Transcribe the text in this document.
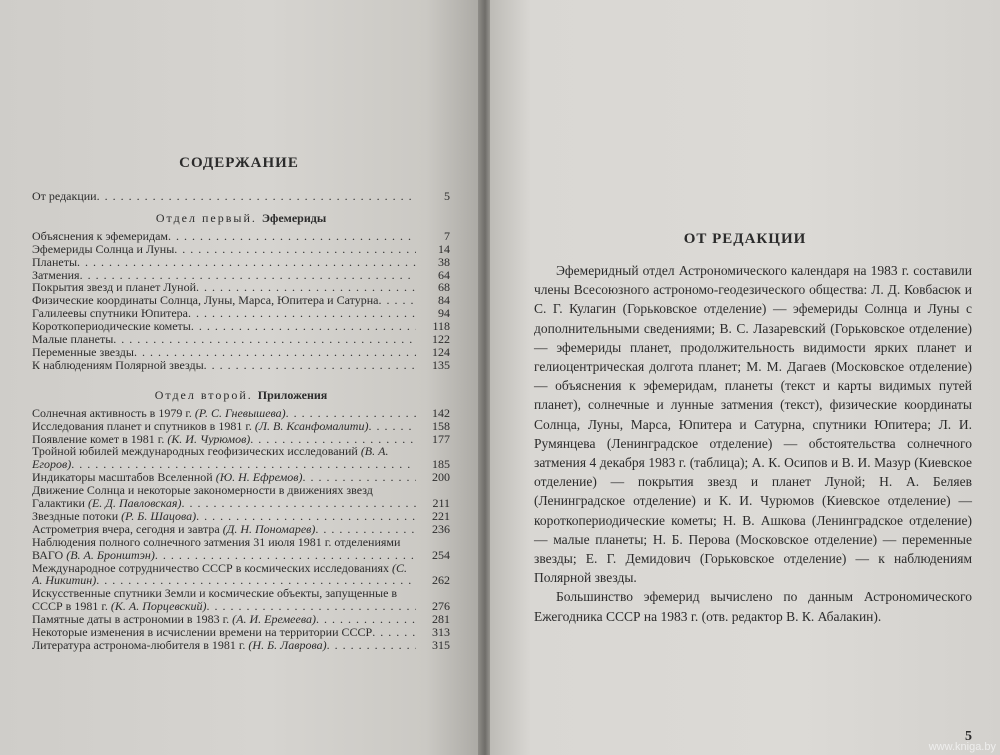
СОДЕРЖАНИЕ
От редакции . . .	5
Отдел первый. Эфемериды
Объяснения к эфемеридам . . .	7
Эфемериды Солнца и Луны . . .	14
Планеты . . .	38
Затмения . . .	64
Покрытия звезд и планет Луной . . .	68
Физические координаты Солнца, Луны, Марса, Юпитера и Сатурна . . .	84
Галилеевы спутники Юпитера . . .	94
Короткопериодические кометы . . .	118
Малые планеты . . .	122
Переменные звезды . . .	124
К наблюдениям Полярной звезды . . .	135
Отдел второй. Приложения
Солнечная активность в 1979 г. (Р. С. Гневышева) . . .	142
Исследования планет и спутников в 1981 г. (Л. В. Ксанфомалити) . . .	158
Появление комет в 1981 г. (К. И. Чурюмов) . . .	177
Тройной юбилей международных геофизических исследований (В. А. Егоров) . . .	185
Индикаторы масштабов Вселенной (Ю. Н. Ефремов) . . .	200
Движение Солнца и некоторые закономерности в движениях звезд Галактики (Е. Д. Павловская) . . .	211
Звездные потоки (Р. Б. Шацова) . . .	221
Астрометрия вчера, сегодня и завтра (Д. Н. Пономарев) . . .	236
Наблюдения полного солнечного затмения 31 июля 1981 г. отделениями ВАГО (В. А. Бронштэн) . . .	254
Международное сотрудничество СССР в космических исследованиях (С. А. Никитин) . . .	262
Искусственные спутники Земли и космические объекты, запущенные в СССР в 1981 г. (К. А. Порцевский) . . .	276
Памятные даты в астрономии в 1983 г. (А. И. Еремеева) . . .	281
Некоторые изменения в исчислении времени на территории СССР . . .	313
Литература астронома-любителя в 1981 г. (Н. Б. Лаврова) . . .	315
ОТ РЕДАКЦИИ

Эфемеридный отдел Астрономического календаря на 1983 г. составили члены Всесоюзного астрономо-геодезического общества: Л. Д. Ковбасюк и С. Г. Кулагин (Горьковское отделение) — эфемериды Солнца и Луны с дополнительными сведениями; В. С. Лазаревский (Горьковское отделение) — эфемериды планет, продолжительность видимости ярких планет и гелиоцентрическая долгота планет; М. М. Дагаев (Московское отделение) — объяснения к эфемеридам, планеты (текст и карты видимых путей планет), солнечные и лунные затмения (текст), физические координаты Солнца, Луны, Марса, Юпитера и Сатурна, спутники Юпитера; Л. И. Румянцева (Ленинградское отделение) — обстоятельства солнечного затмения 4 декабря 1983 г. (таблица); А. К. Осипов и В. И. Мазур (Киевское отделение) — покрытия звезд и планет Луной; Н. А. Беляев (Ленинградское отделение) и К. И. Чурюмов (Киевское отделение) — короткопериодические кометы; Н. В. Ашкова (Ленинградское отделение) — малые планеты; Н. Б. Перова (Московское отделение) — переменные звезды; Е. Г. Демидович (Горьковское отделение) — к наблюдениям Полярной звезды.

Большинство эфемерид вычислено по данным Астрономического Ежегодника СССР на 1983 г. (отв. редактор В. К. Абалакин).

5
www.kniga.by
